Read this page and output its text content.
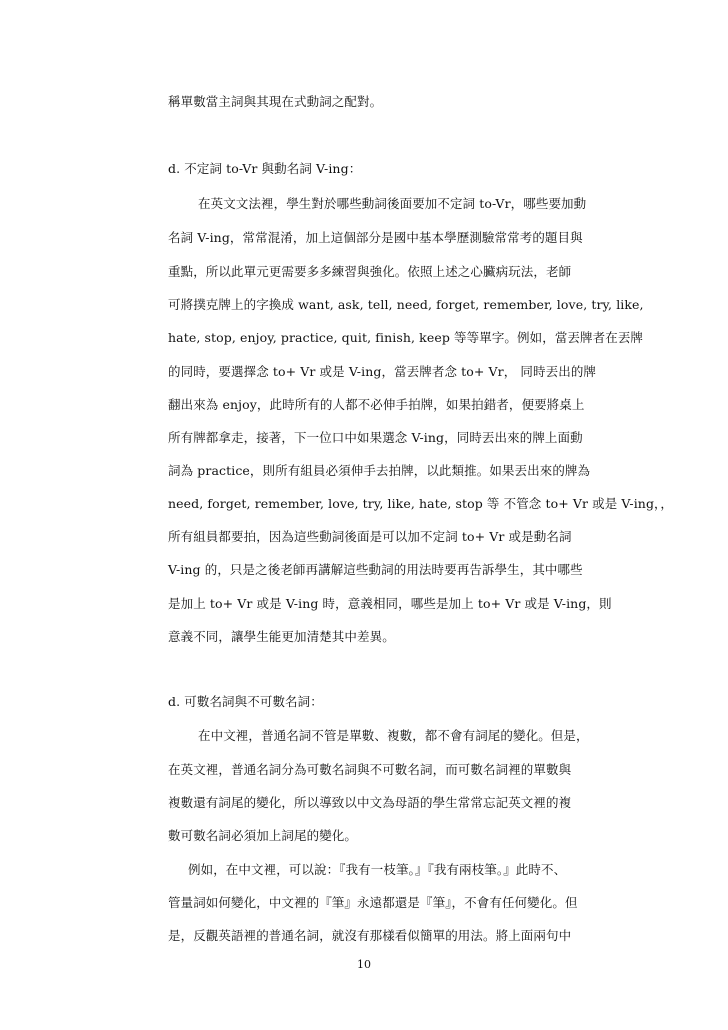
稱單數當主詞與其現在式動詞之配對。
d. 不定詞 to-Vr 與動名詞 V-ing：
在英文文法裡，學生對於哪些動詞後面要加不定詞 to-Vr，哪些要加動
名詞 V-ing，常常混淆，加上這個部分是國中基本學歷測驗常常考的題目與
重點，所以此單元更需要多多練習與強化。依照上述之心臟病玩法，老師
可將撲克牌上的字換成 want, ask, tell, need, forget, remember, love, try, like,
hate, stop, enjoy, practice, quit, finish, keep 等等單字。例如，當丟牌者在丟牌
的同時，要選擇念 to+ Vr 或是 V-ing，當丟牌者念 to+ Vr， 同時丟出的牌
翻出來為 enjoy，此時所有的人都不必伸手拍牌，如果拍錯者，便要將桌上
所有牌都拿走，接著，下一位口中如果選念 V-ing，同時丟出來的牌上面動
詞為 practice，則所有組員必須伸手去拍牌，以此類推。如果丟出來的牌為
need, forget, remember, love, try, like, hate, stop 等 不管念 to+ Vr 或是 V-ing，，
所有組員都要拍，因為這些動詞後面是可以加不定詞 to+ Vr 或是動名詞
V-ing 的，只是之後老師再講解這些動詞的用法時要再告訴學生，其中哪些
是加上 to+ Vr 或是 V-ing 時，意義相同，哪些是加上 to+ Vr 或是 V-ing，則
意義不同，讓學生能更加清楚其中差異。
d. 可數名詞與不可數名詞：
在中文裡，普通名詞不管是單數、複數，都不會有詞尾的變化。但是，
在英文裡，普通名詞分為可數名詞與不可數名詞，而可數名詞裡的單數與
複數還有詞尾的變化，所以導致以中文為母語的學生常常忘記英文裡的複
數可數名詞必須加上詞尾的變化。
例如，在中文裡，可以說：『我有一枝筆。』『我有兩枝筆。』此時不、
管量詞如何變化，中文裡的『筆』永遠都還是『筆』，不會有任何變化。但
是，反觀英語裡的普通名詞，就沒有那樣看似簡單的用法。將上面兩句中
10
